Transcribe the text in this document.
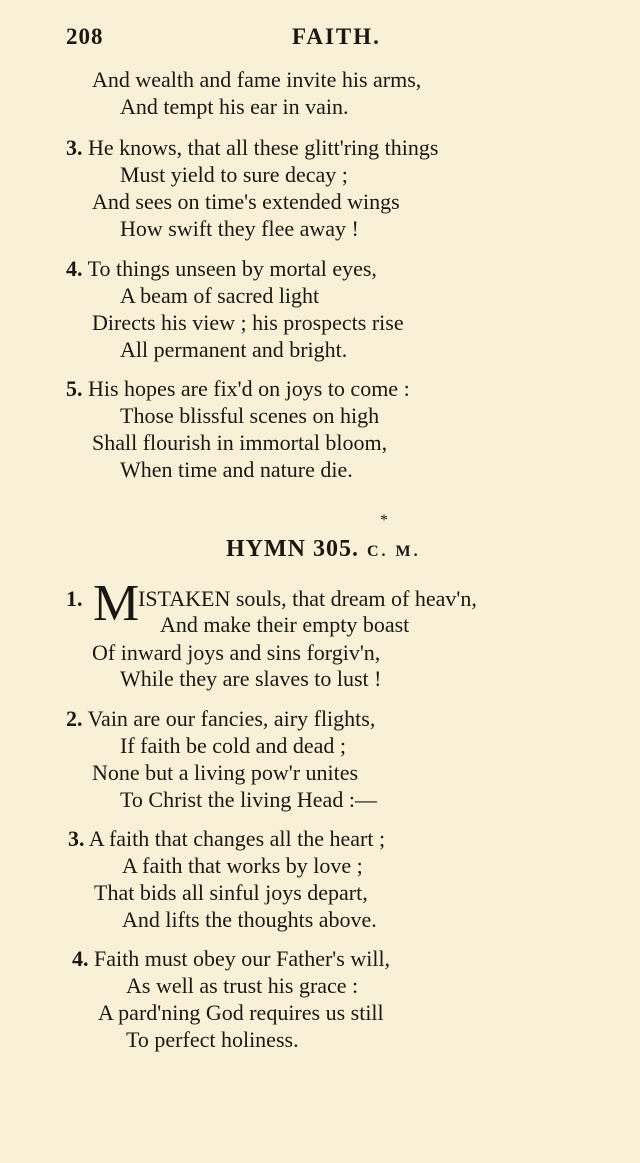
208	FAITH.
And wealth and fame invite his arms,
And tempt his ear in vain.
3. He knows, that all these glitt'ring things
Must yield to sure decay ;
And sees on time's extended wings
How swift they flee away !
4. To things unseen by mortal eyes,
A beam of sacred light
Directs his view ; his prospects rise
All permanent and bright.
5. His hopes are fix'd on joys to come :
Those blissful scenes on high
Shall flourish in immortal bloom,
When time and nature die.
*
HYMN 305. C. M.
1. M
ISTAKEN souls, that dream of heav'n,
And make their empty boast
Of inward joys and sins forgiv'n,
While they are slaves to lust !
2. Vain are our fancies, airy flights,
If faith be cold and dead ;
None but a living pow'r unites
To Christ the living Head :—
3. A faith that changes all the heart ;
A faith that works by love ;
That bids all sinful joys depart,
And lifts the thoughts above.
4. Faith must obey our Father's will,
As well as trust his grace :
A pard'ning God requires us still
To perfect holiness.
